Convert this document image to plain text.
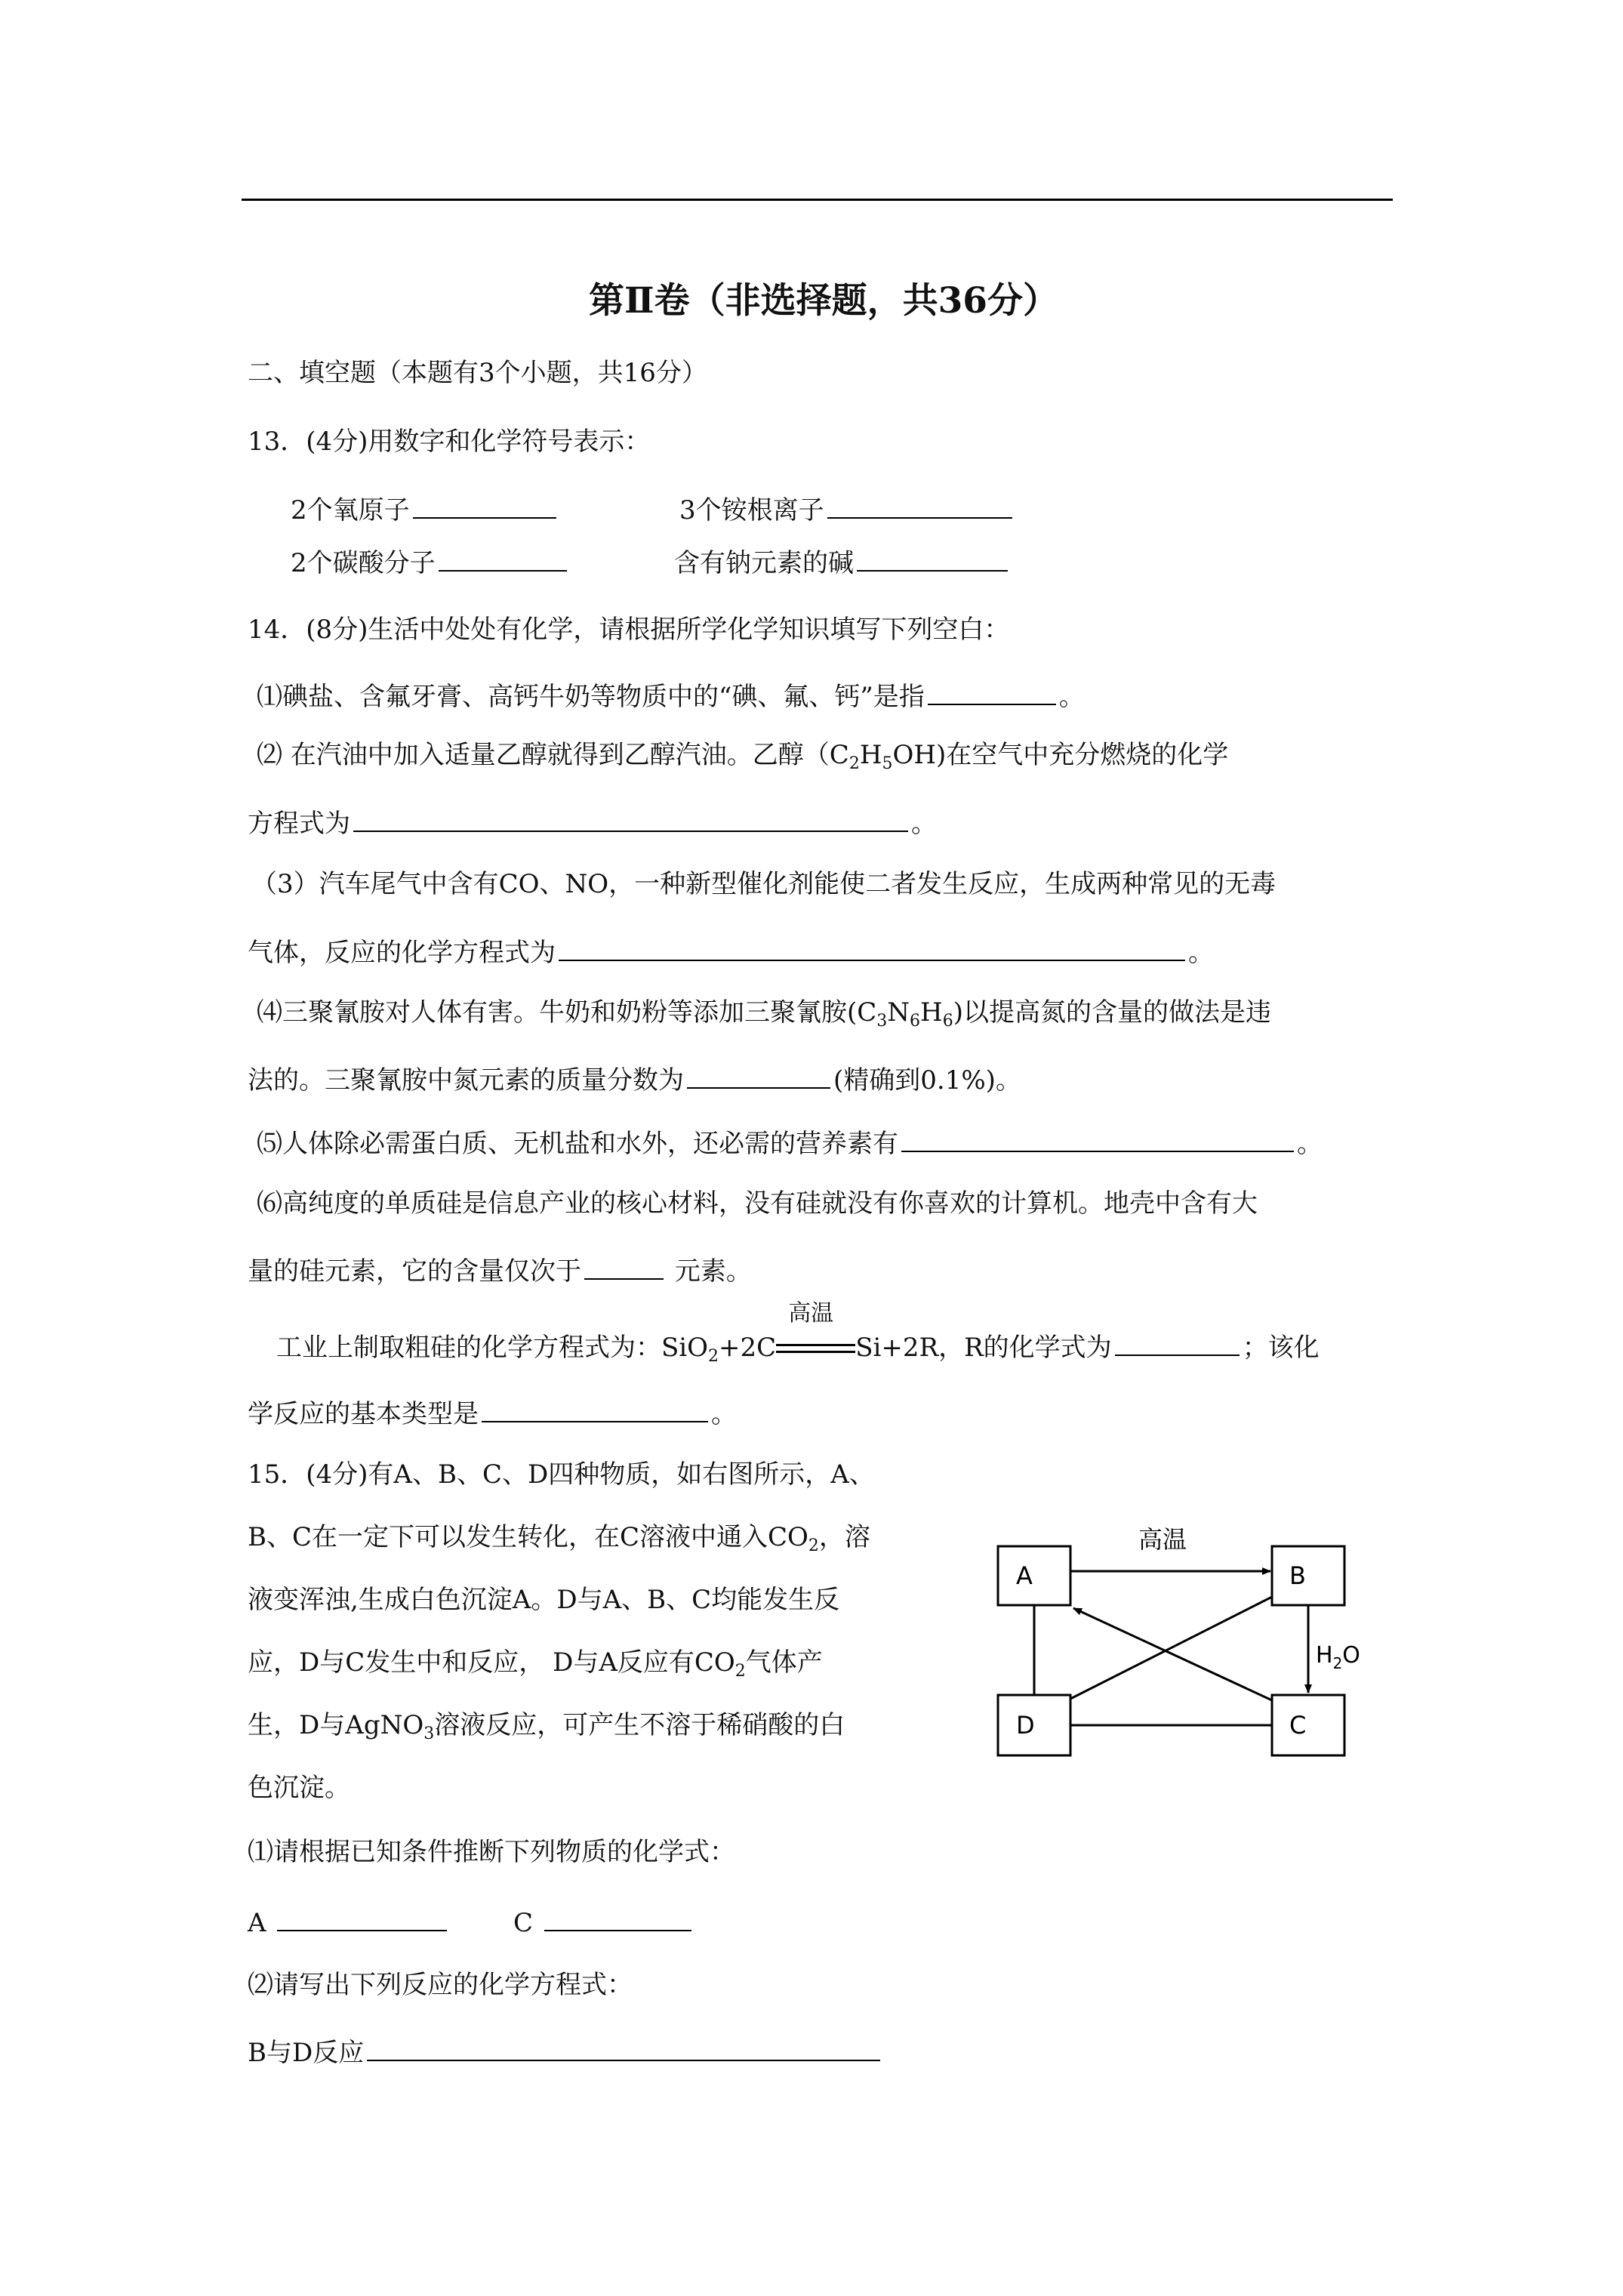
第Ⅱ卷（非选择题，共36分）
二、填空题（本题有3个小题，共16分）
13．(4分)用数字和化学符号表示：
2个氧原子	3个铵根离子
2个碳酸分子	含有钠元素的碱
14．(8分)生活中处处有化学，请根据所学化学知识填写下列空白：
⑴碘盐、含氟牙膏、高钙牛奶等物质中的“碘、氟、钙”是指	。
⑵ 在汽油中加入适量乙醇就得到乙醇汽油。乙醇$(C_2H_5OH)$在空气中充分燃烧的化学
方程式为	。
（3）汽车尾气中含有CO、NO，一种新型催化剂能使二者发生反应，生成两种常见的无毒
气体，反应的化学方程式为	。
⑷三聚氰胺对人体有害。牛奶和奶粉等添加三聚氰胺$(C_3N_6H_6)$以提高氮的含量的做法是违
法的。三聚氰胺中氮元素的质量分数为	(精确到0.1%)。
⑸人体除必需蛋白质、无机盐和水外，还必需的营养素有	。
⑹高纯度的单质硅是信息产业的核心材料，没有硅就没有你喜欢的计算机。地壳中含有大
量的硅元素，它的含量仅次于	元素。
工业上制取粗硅的化学方程式为：SiO$_2$+2C
高温
Si+2R，R的化学式为	；该化
学反应的基本类型是	。
15．(4分)有A、B、C、D四种物质，如右图所示，A、
B、C在一定下可以发生转化，在C溶液中通入$CO_2$，溶
液变浑浊,生成白色沉淀A。D与A、B、C均能发生反
应，D与C发生中和反应， D与A反应有$CO_2$气体产
生，D与AgNO$_3$溶液反应，可产生不溶于稀硝酸的白
色沉淀。
⑴请根据已知条件推断下列物质的化学式：
A	C
⑵请写出下列反应的化学方程式：
B与D反应
A	B
C
D
高温
$H_2O$
